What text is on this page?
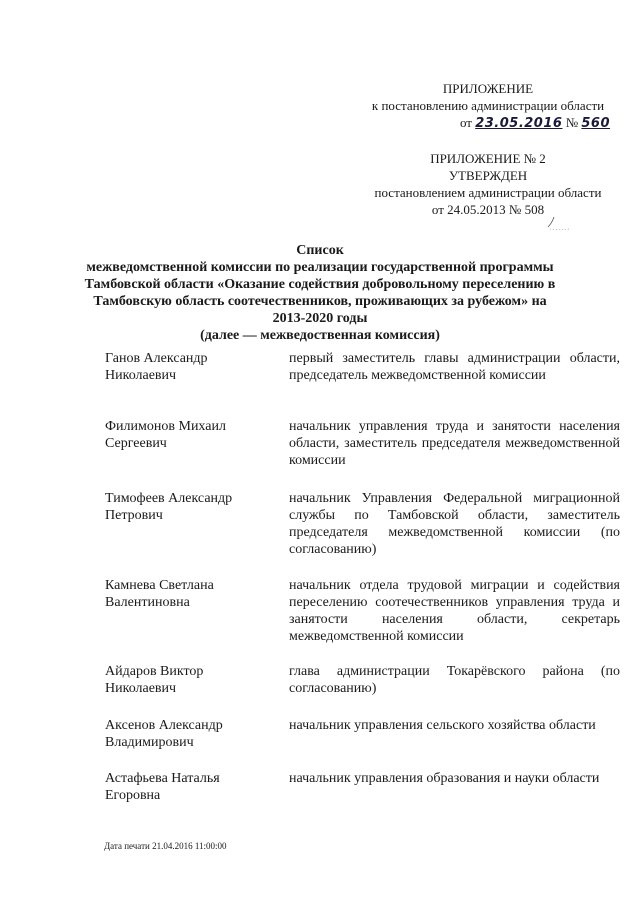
ПРИЛОЖЕНИЕ
к постановлению администрации области
от 23.05.2016 № 560
ПРИЛОЖЕНИЕ № 2
УТВЕРЖДЕН
постановлением администрации области
от 24.05.2013 № 508
Список
межведомственной комиссии по реализации государственной программы
Тамбовской области «Оказание содействия добровольному переселению в
Тамбовскую область соотечественников, проживающих за рубежом» на
2013-2020 годы
(далее — межведоственная комиссия)
Ганов Александр Николаевич
первый заместитель главы администрации области, председатель межведомственной комиссии
Филимонов Михаил Сергеевич
начальник управления труда и занятости населения области, заместитель председателя межведомственной комиссии
Тимофеев Александр Петрович
начальник Управления Федеральной миграционной службы по Тамбовской области, заместитель председателя межведомственной комиссии (по согласованию)
Камнева Светлана Валентиновна
начальник отдела трудовой миграции и содействия переселению соотечественников управления труда и занятости населения области, секретарь межведомственной комиссии
Айдаров Виктор Николаевич
глава администрации Токарёвского района (по согласованию)
Аксенов Александр Владимирович
начальник управления сельского хозяйства области
Астафьева Наталья Егоровна
начальник управления образования и науки области
Дата печати 21.04.2016 11:00:00
